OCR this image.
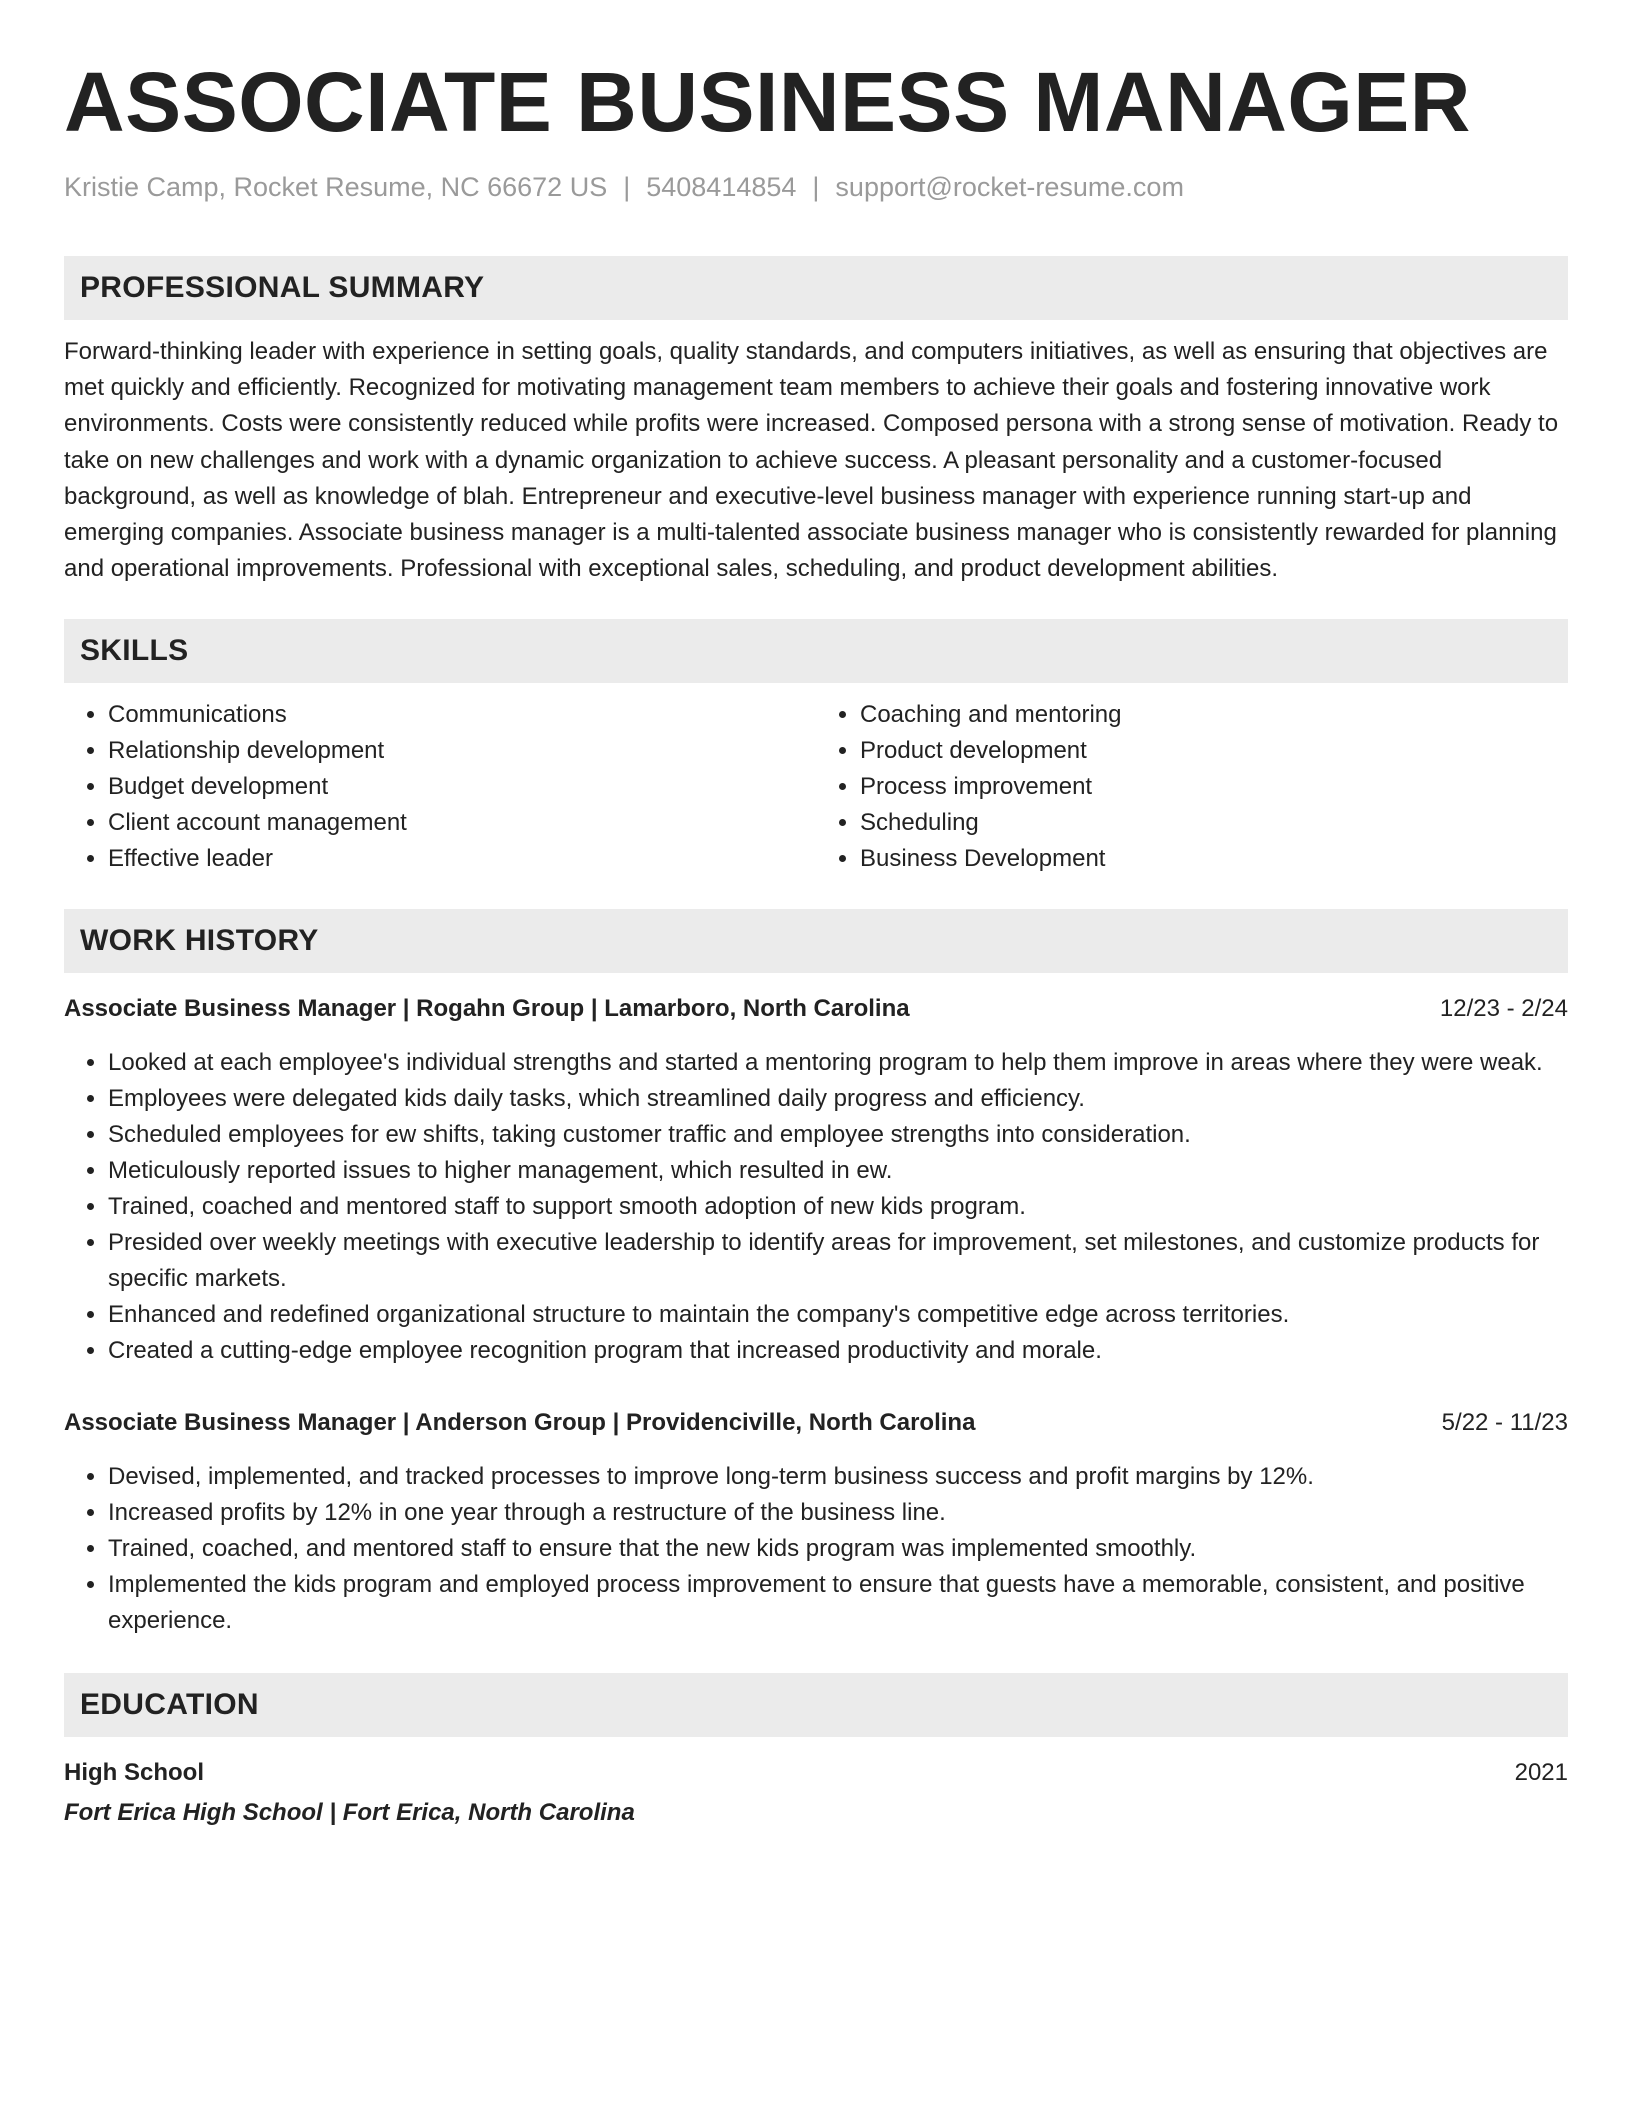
ASSOCIATE BUSINESS MANAGER
Kristie Camp, Rocket Resume, NC 66672 US | 5408414854 | support@rocket-resume.com
PROFESSIONAL SUMMARY

Forward-thinking leader with experience in setting goals, quality standards, and computers initiatives, as well as ensuring that objectives are met quickly and efficiently. Recognized for motivating management team members to achieve their goals and fostering innovative work environments. Costs were consistently reduced while profits were increased. Composed persona with a strong sense of motivation. Ready to take on new challenges and work with a dynamic organization to achieve success. A pleasant personality and a customer-focused background, as well as knowledge of blah. Entrepreneur and executive-level business manager with experience running start-up and emerging companies. Associate business manager is a multi-talented associate business manager who is consistently rewarded for planning and operational improvements. Professional with exceptional sales, scheduling, and product development abilities.

SKILLS
• Communications
• Relationship development
• Budget development
• Client account management
• Effective leader
• Coaching and mentoring
• Product development
• Process improvement
• Scheduling
• Business Development
WORK HISTORY
Associate Business Manager | Rogahn Group | Lamarboro, North Carolina	12/23 - 2/24
• Looked at each employee's individual strengths and started a mentoring program to help them improve in areas where they were weak.
• Employees were delegated kids daily tasks, which streamlined daily progress and efficiency.
• Scheduled employees for ew shifts, taking customer traffic and employee strengths into consideration.
• Meticulously reported issues to higher management, which resulted in ew.
• Trained, coached and mentored staff to support smooth adoption of new kids program.
• Presided over weekly meetings with executive leadership to identify areas for improvement, set milestones, and customize products for specific markets.
• Enhanced and redefined organizational structure to maintain the company's competitive edge across territories.
• Created a cutting-edge employee recognition program that increased productivity and morale.
Associate Business Manager | Anderson Group | Providenciville, North Carolina	5/22 - 11/23
• Devised, implemented, and tracked processes to improve long-term business success and profit margins by 12%.
• Increased profits by 12% in one year through a restructure of the business line.
• Trained, coached, and mentored staff to ensure that the new kids program was implemented smoothly.
• Implemented the kids program and employed process improvement to ensure that guests have a memorable, consistent, and positive experience.
EDUCATION
High School	2021
Fort Erica High School | Fort Erica, North Carolina
